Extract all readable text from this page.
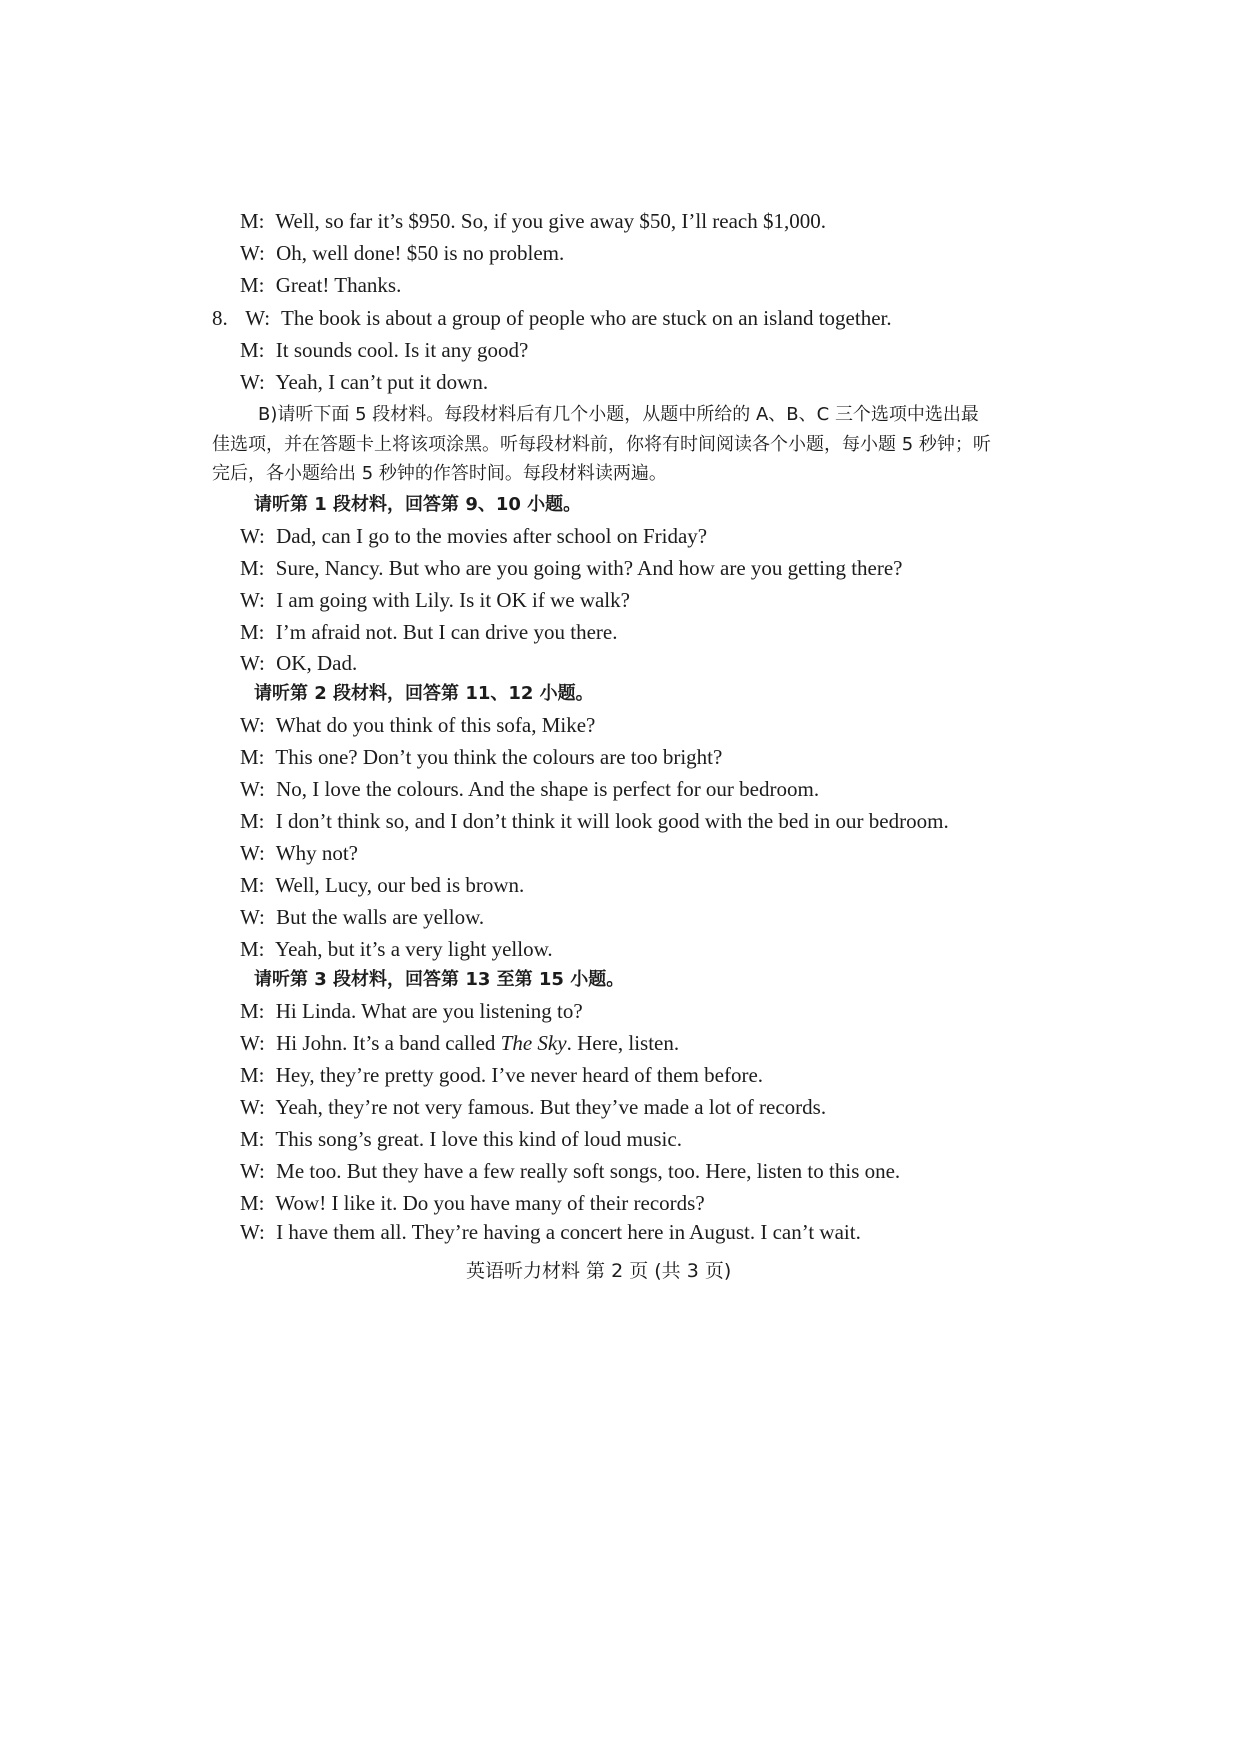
M: Well, so far it’s $950. So, if you give away $50, I’ll reach $1,000.
W: Oh, well done! $50 is no problem.
M: Great! Thanks.
8. W: The book is about a group of people who are stuck on an island together.
M: It sounds cool. Is it any good?
W: Yeah, I can’t put it down.
B)请听下面 5 段材料。每段材料后有几个小题，从题中所给的 A、B、C 三个选项中选出最
佳选项，并在答题卡上将该项涂黑。听每段材料前，你将有时间阅读各个小题，每小题 5 秒钟；听
完后，各小题给出 5 秒钟的作答时间。每段材料读两遍。
请听第 1 段材料，回答第 9、10 小题。
W: Dad, can I go to the movies after school on Friday?
M: Sure, Nancy. But who are you going with? And how are you getting there?
W: I am going with Lily. Is it OK if we walk?
M: I’m afraid not. But I can drive you there.
W: OK, Dad.
请听第 2 段材料，回答第 11、12 小题。
W: What do you think of this sofa, Mike?
M: This one? Don’t you think the colours are too bright?
W: No, I love the colours. And the shape is perfect for our bedroom.
M: I don’t think so, and I don’t think it will look good with the bed in our bedroom.
W: Why not?
M: Well, Lucy, our bed is brown.
W: But the walls are yellow.
M: Yeah, but it’s a very light yellow.
请听第 3 段材料，回答第 13 至第 15 小题。
M: Hi Linda. What are you listening to?
W: Hi John. It’s a band called The Sky. Here, listen.
M: Hey, they’re pretty good. I’ve never heard of them before.
W: Yeah, they’re not very famous. But they’ve made a lot of records.
M: This song’s great. I love this kind of loud music.
W: Me too. But they have a few really soft songs, too. Here, listen to this one.
M: Wow! I like it. Do you have many of their records?
W: I have them all. They’re having a concert here in August. I can’t wait.
英语听力材料 第 2 页 (共 3 页)
